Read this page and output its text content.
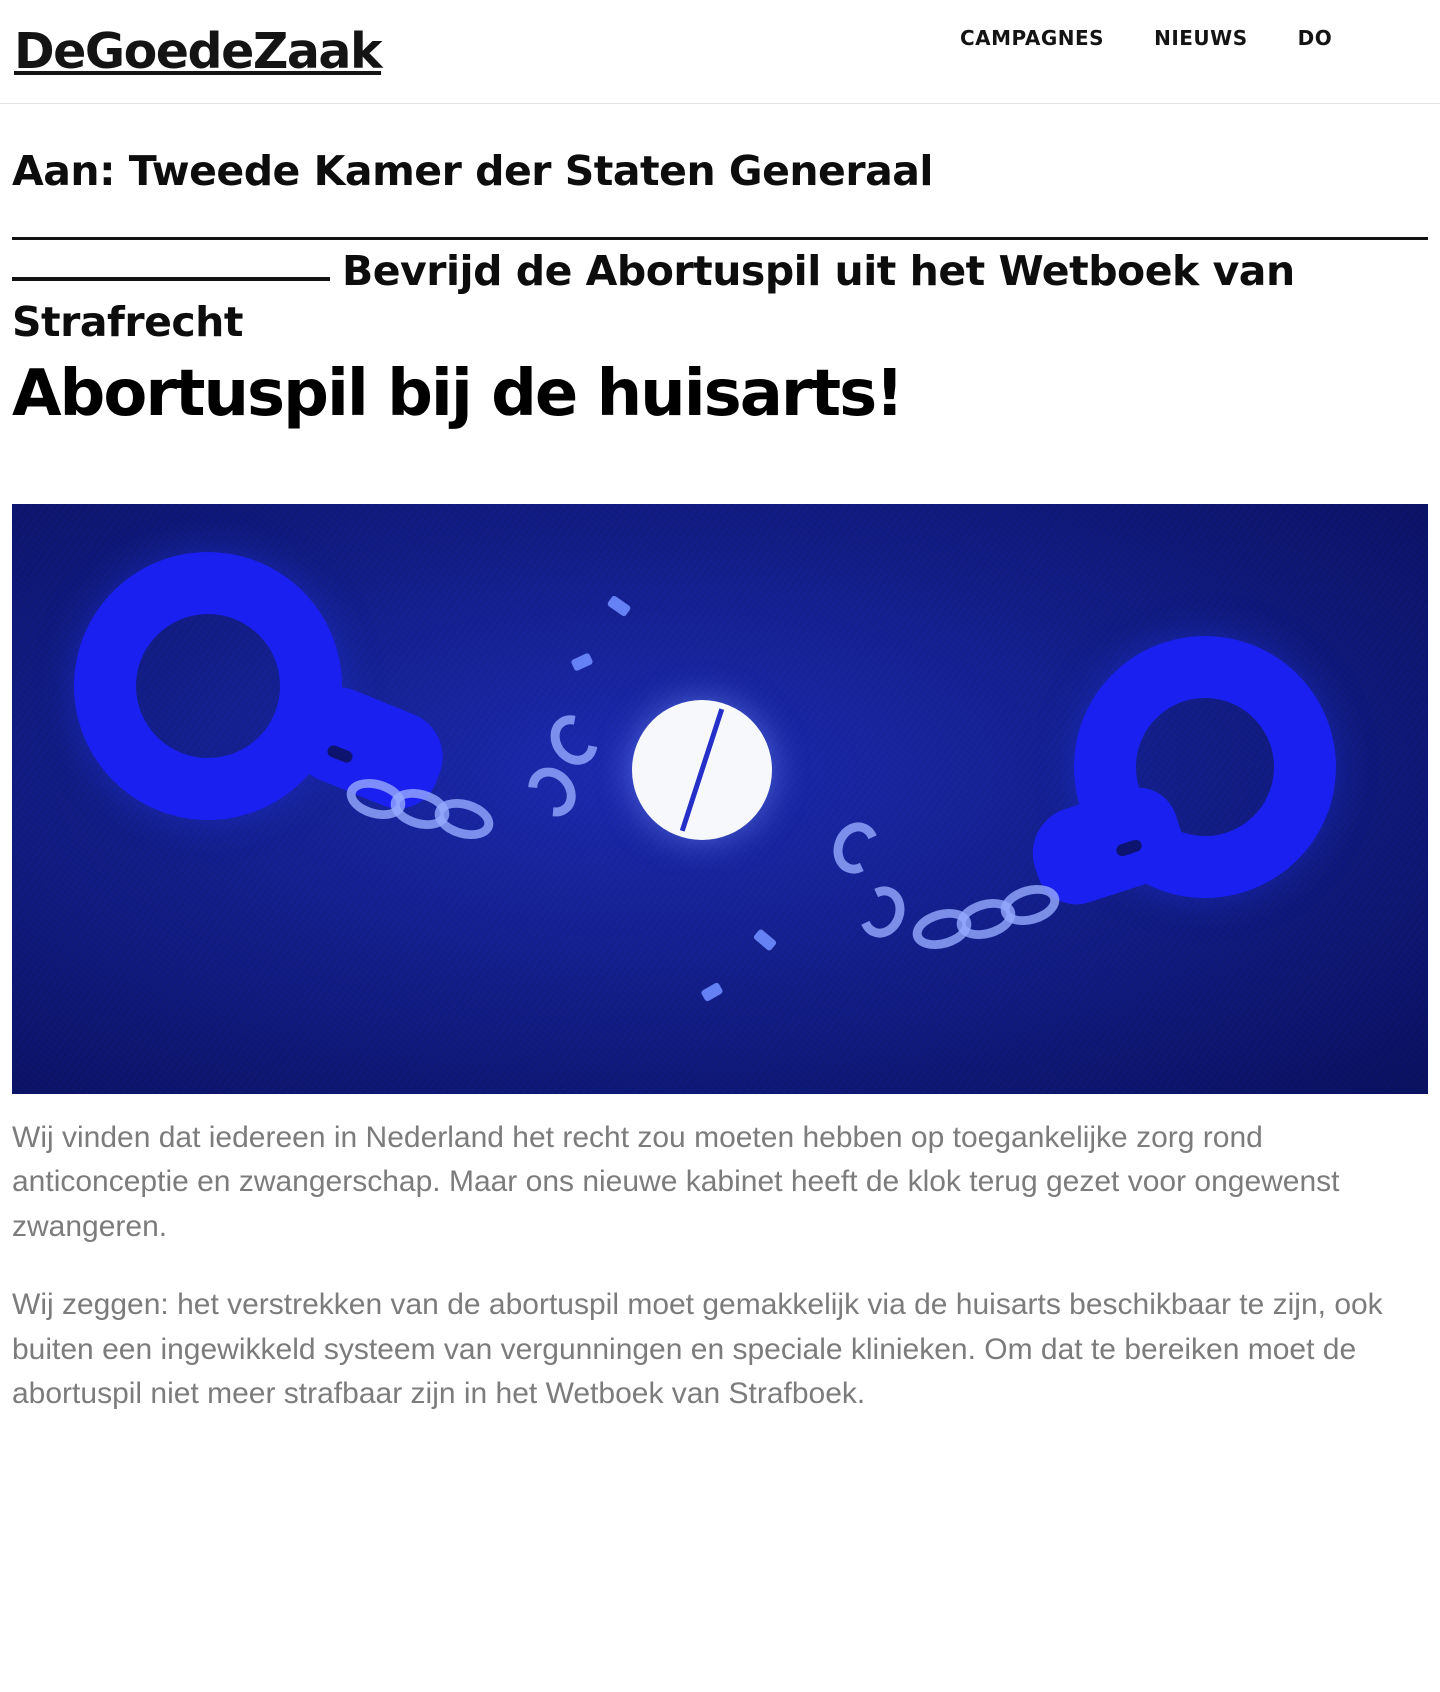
DeGoedeZaak	CAMPAGNES	NIEUWS	DO
Aan: Tweede Kamer der Staten Generaal
Bevrijd de Abortuspil uit het Wetboek van Strafrecht
Abortuspil bij de huisarts!

Wij vinden dat iedereen in Nederland het recht zou moeten hebben op toegankelijke zorg rond anticonceptie en zwangerschap. Maar ons nieuwe kabinet heeft de klok terug gezet voor ongewenst zwangeren.

Wij zeggen: het verstrekken van de abortuspil moet gemakkelijk via de huisarts beschikbaar te zijn, ook buiten een ingewikkeld systeem van vergunningen en speciale klinieken. Om dat te bereiken moet de abortuspil niet meer strafbaar zijn in het Wetboek van Strafboek.
